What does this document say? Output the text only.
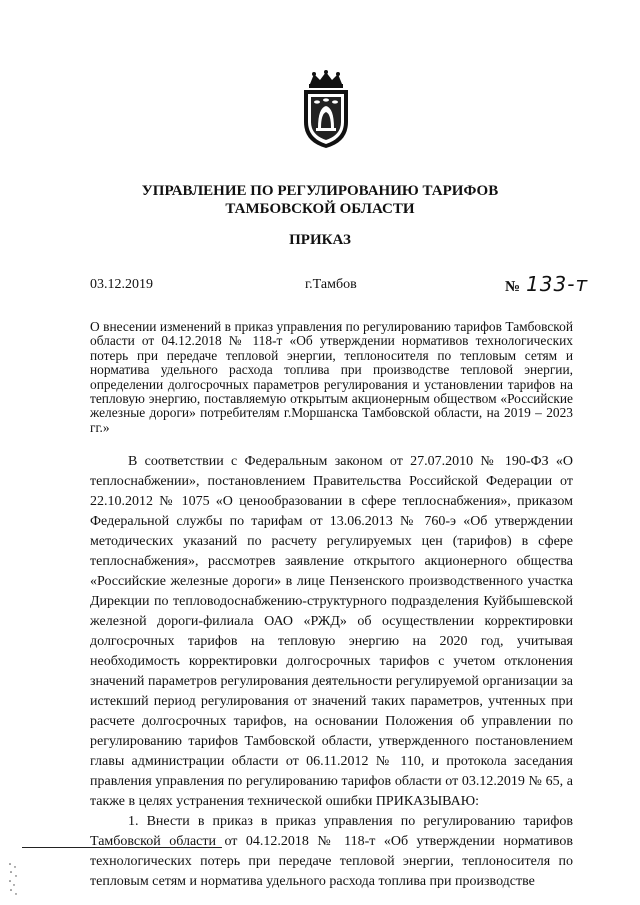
УПРАВЛЕНИЕ ПО РЕГУЛИРОВАНИЮ ТАРИФОВ
ТАМБОВСКОЙ ОБЛАСТИ
ПРИКАЗ
03.12.2019	г.Тамбов	№ 133-т
О внесении изменений в приказ управления по регулированию тарифов Тамбовской области от 04.12.2018 № 118-т «Об утверждении нормативов технологических потерь при передаче тепловой энергии, теплоносителя по тепловым сетям и норматива удельного расхода топлива при производстве тепловой энергии, определении долгосрочных параметров регулирования и установлении тарифов на тепловую энергию, поставляемую открытым акционерным обществом «Российские железные дороги» потребителям г.Моршанска Тамбовской области, на 2019 – 2023 гг.»

В соответствии с Федеральным законом от 27.07.2010 № 190-ФЗ «О теплоснабжении», постановлением Правительства Российской Федерации от 22.10.2012 № 1075 «О ценообразовании в сфере теплоснабжения», приказом Федеральной службы по тарифам от 13.06.2013 № 760-э «Об утверждении методических указаний по расчету регулируемых цен (тарифов) в сфере теплоснабжения», рассмотрев заявление открытого акционерного общества «Российские железные дороги» в лице Пензенского производственного участка Дирекции по тепловодоснабжению-структурного подразделения Куйбышевской железной дороги-филиала ОАО «РЖД» об осуществлении корректировки долгосрочных тарифов на тепловую энергию на 2020 год, учитывая необходимость корректировки долгосрочных тарифов с учетом отклонения значений параметров регулирования деятельности регулируемой организации за истекший период регулирования от значений таких параметров, учтенных при расчете долгосрочных тарифов, на основании Положения об управлении по регулированию тарифов Тамбовской области, утвержденного постановлением главы администрации области от 06.11.2012 № 110, и протокола заседания правления управления по регулированию тарифов области от 03.12.2019 № 65, а также в целях устранения технической ошибки ПРИКАЗЫВАЮ:

1. Внести в приказ в приказ управления по регулированию тарифов Тамбовской области от 04.12.2018 № 118-т «Об утверждении нормативов технологических потерь при передаче тепловой энергии, теплоносителя по тепловым сетям и норматива удельного расхода топлива при производстве
